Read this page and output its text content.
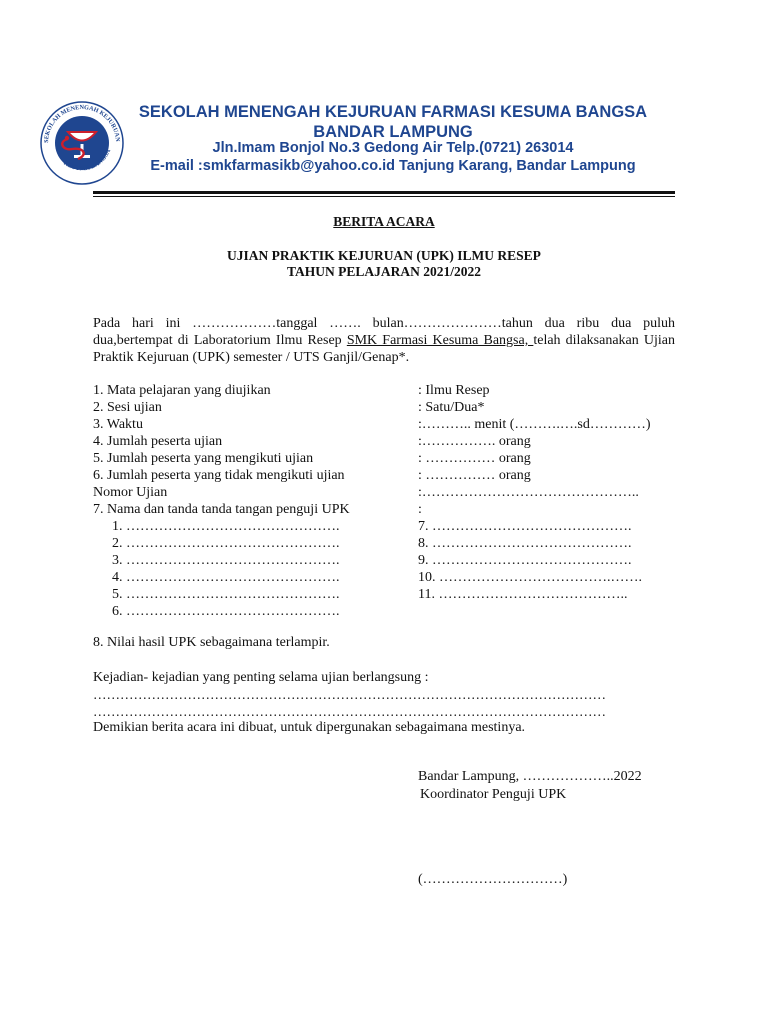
SEKOLAH MENENGAH KEJURUAN
KESUMA BANGSA
SEKOLAH MENENGAH KEJURUAN FARMASI KESUMA BANGSA
BANDAR LAMPUNG
Jln.Imam Bonjol No.3 Gedong Air Telp.(0721) 263014
E-mail :smkfarmasikb@yahoo.co.id Tanjung Karang, Bandar Lampung
BERITA ACARA
UJIAN PRAKTIK KEJURUAN (UPK) ILMU RESEP
TAHUN PELAJARAN 2021/2022
Pada hari ini ………………tanggal ……. bulan…………………tahun dua ribu dua puluh dua,bertempat di Laboratorium Ilmu Resep SMK Farmasi Kesuma Bangsa, telah dilaksanakan Ujian Praktik Kejuruan (UPK) semester / UTS Ganjil/Genap*.
1. Mata pelajaran yang diujikan	: Ilmu Resep
2. Sesi ujian	: Satu/Dua*
3. Waktu	:……….. menit (……….….sd…………)
4. Jumlah peserta ujian	:……………. orang
5. Jumlah peserta yang mengikuti ujian	: …………… orang
6. Jumlah peserta yang tidak mengikuti ujian	: …………… orang
Nomor Ujian	:………………………………………..
7. Nama dan tanda tanda tangan penguji UPK	:
1. ……………………………………….
2. ……………………………………….
3. ……………………………………….
4. ……………………………………….
5. ……………………………………….
6. ……………………………………….
7. …………………………………….
8. …………………………………….
9. …………………………………….
10. ……………………………….…….
11. …………………………………..
8. Nilai hasil UPK sebagaimana terlampir.
Kejadian- kejadian yang penting selama ujian berlangsung :
……………………………………………………………………………………………………
……………………………………………………………………………………………………
Demikian berita acara ini dibuat, untuk dipergunakan sebagaimana mestinya.
Bandar Lampung, ………………..2022
Koordinator Penguji UPK
(…………………………)
